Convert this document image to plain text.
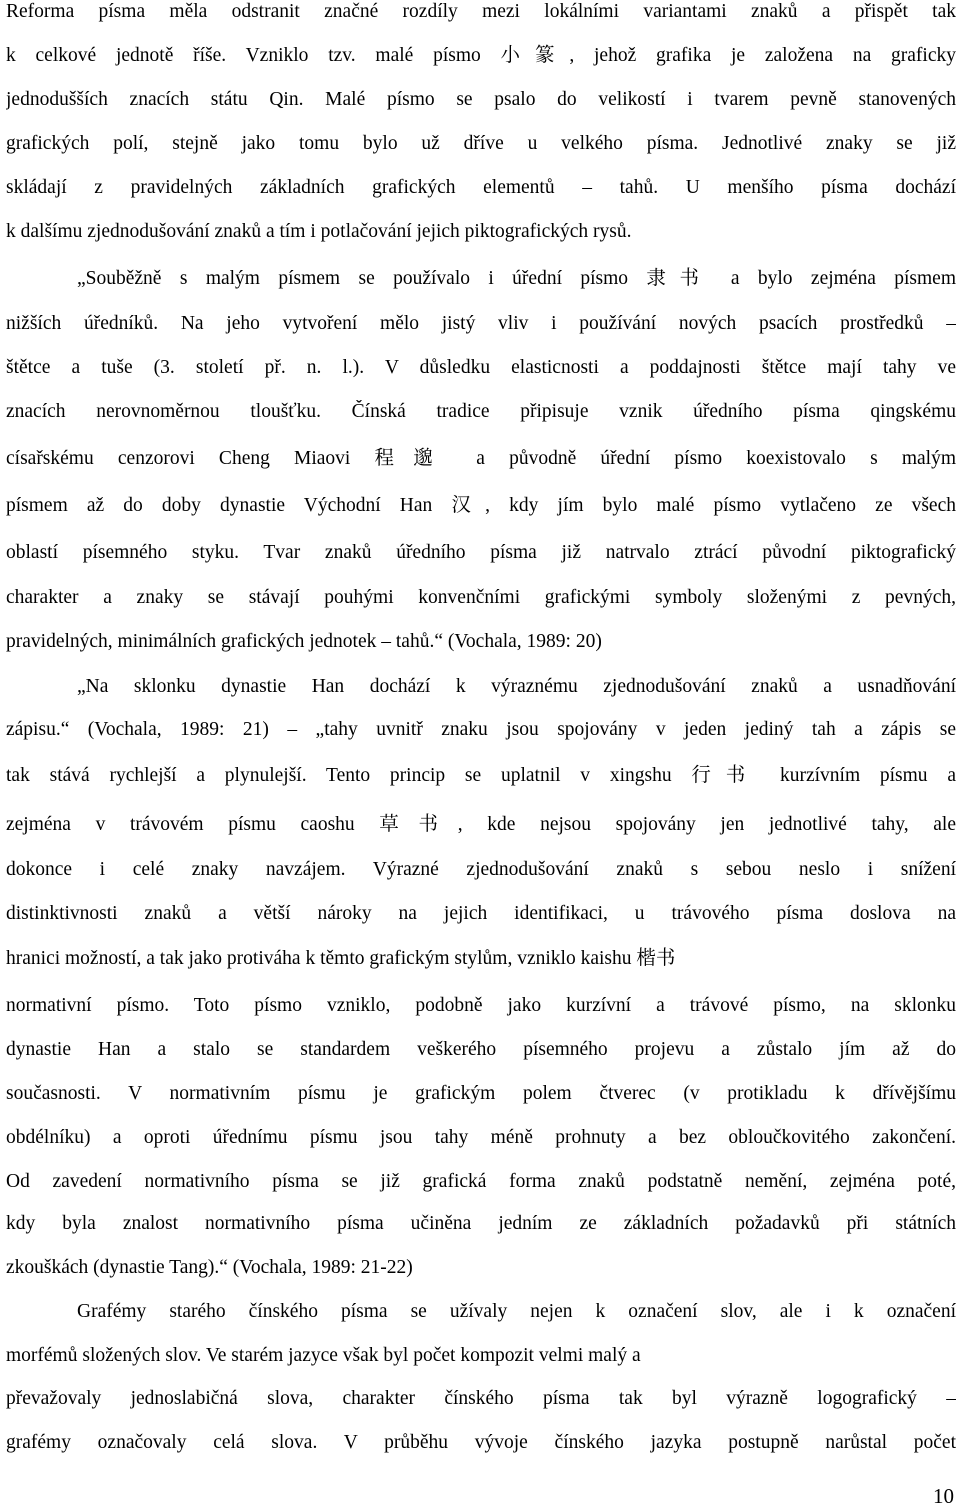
Reforma písma měla odstranit značné rozdíly mezi lokálními variantami znaků a přispět tak
k celkové jednotě říše. Vzniklo tzv. malé písmo 小篆, jehož grafika je založena na graficky
jednodušších znacích státu Qin. Malé písmo se psalo do velikostí i tvarem pevně stanovených
grafických polí, stejně jako tomu bylo už dříve u velkého písma. Jednotlivé znaky se již
skládají z pravidelných základních grafických elementů – tahů. U menšího písma dochází
k dalšímu zjednodušování znaků a tím i potlačování jejich piktografických rysů.
„Souběžně s malým písmem se používalo i úřední písmo 隶书 a bylo zejména písmem
nižších úředníků. Na jeho vytvoření mělo jistý vliv i používání nových psacích prostředků –
štětce a tuše (3. století př. n. l.). V důsledku elasticnosti a poddajnosti štětce mají tahy ve
znacích nerovnoměrnou tloušťku. Čínská tradice připisuje vznik úředního písma qingskému
císařskému cenzorovi Cheng Miaovi 程邈 a původně úřední písmo koexistovalo s malým
písmem až do doby dynastie Východní Han 汉, kdy jím bylo malé písmo vytlačeno ze všech
oblastí písemného styku. Tvar znaků úředního písma již natrvalo ztrácí původní piktografický
charakter a znaky se stávají pouhými konvenčními grafickými symboly složenými z pevných,
pravidelných, minimálních grafických jednotek – tahů.“ (Vochala, 1989: 20)
„Na sklonku dynastie Han dochází k výraznému zjednodušování znaků a usnadňování
zápisu.“ (Vochala, 1989: 21) – „tahy uvnitř znaku jsou spojovány v jeden jediný tah a zápis se
tak stává rychlejší a plynulejší. Tento princip se uplatnil v xingshu 行书 kurzívním písmu a
zejména v trávovém písmu caoshu 草书, kde nejsou spojovány jen jednotlivé tahy, ale
dokonce i celé znaky navzájem. Výrazné zjednodušování znaků s sebou neslo i snížení
distinktivnosti znaků a větší nároky na jejich identifikaci, u trávového písma doslova na
hranici možností, a tak jako protiváha k těmto grafickým stylům, vzniklo kaishu 楷书
normativní písmo. Toto písmo vzniklo, podobně jako kurzívní a trávové písmo, na sklonku
dynastie Han a stalo se standardem veškerého písemného projevu a zůstalo jím až do
současnosti. V normativním písmu je grafickým polem čtverec (v protikladu k dřívějšímu
obdélníku) a oproti úřednímu písmu jsou tahy méně prohnuty a bez obloučkovitého zakončení.
Od zavedení normativního písma se již grafická forma znaků podstatně nemění, zejména poté,
kdy byla znalost normativního písma učiněna jedním ze základních požadavků při státních
zkouškách (dynastie Tang).“ (Vochala, 1989: 21-22)
Grafémy starého čínského písma se užívaly nejen k označení slov, ale i k označení
morfémů složených slov. Ve starém jazyce však byl počet kompozit velmi malý a
převažovaly jednoslabičná slova, charakter čínského písma tak byl výrazně logografický –
grafémy označovaly celá slova. V průběhu vývoje čínského jazyka postupně narůstal počet
10
